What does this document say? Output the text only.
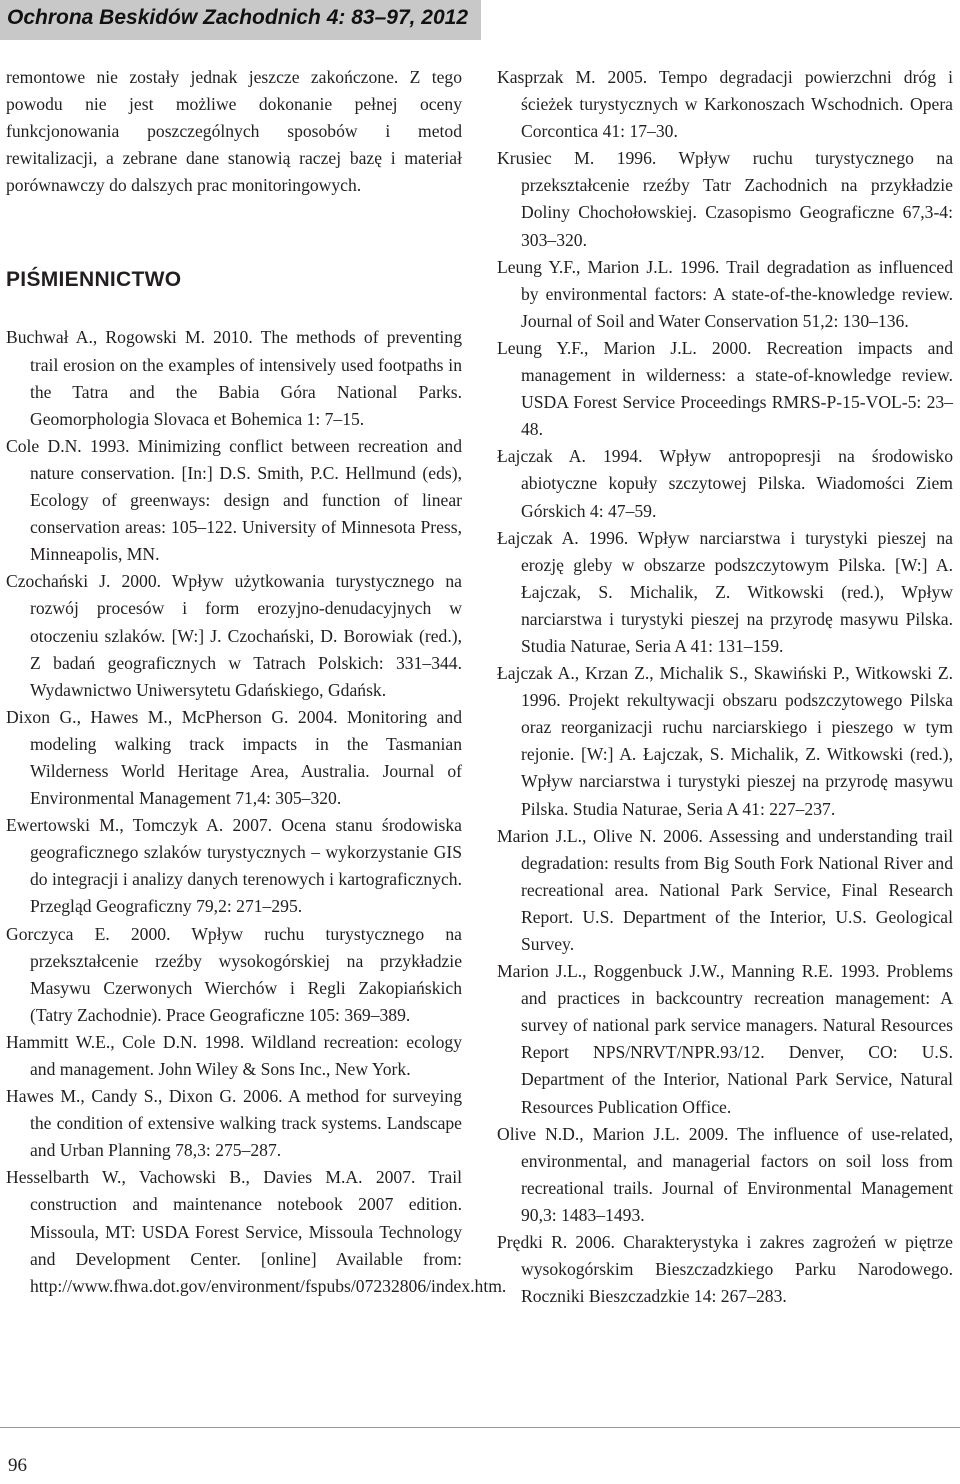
Ochrona Beskidów Zachodnich 4: 83–97, 2012

remontowe nie zostały jednak jeszcze zakończone. Z tego powodu nie jest możliwe dokonanie pełnej oceny funkcjonowania poszczególnych sposobów i metod rewitalizacji, a zebrane dane stanowią raczej bazę i materiał porównawczy do dalszych prac monitoringowych.

PIŚMIENNICTWO

Buchwał A., Rogowski M. 2010. The methods of preventing trail erosion on the examples of intensively used footpaths in the Tatra and the Babia Góra National Parks. Geomorphologia Slovaca et Bohemica 1: 7–15.

Cole D.N. 1993. Minimizing conflict between recreation and nature conservation. [In:] D.S. Smith, P.C. Hellmund (eds), Ecology of greenways: design and function of linear conservation areas: 105–122. University of Minnesota Press, Minneapolis, MN.

Czochański J. 2000. Wpływ użytkowania turystycznego na rozwój procesów i form erozyjno-denudacyjnych w otoczeniu szlaków. [W:] J. Czochański, D. Borowiak (red.), Z badań geograficznych w Tatrach Polskich: 331–344. Wydawnictwo Uniwersytetu Gdańskiego, Gdańsk.

Dixon G., Hawes M., McPherson G. 2004. Monitoring and modeling walking track impacts in the Tasmanian Wilderness World Heritage Area, Australia. Journal of Environmental Management 71,4: 305–320.

Ewertowski M., Tomczyk A. 2007. Ocena stanu środowiska geograficznego szlaków turystycznych – wykorzystanie GIS do integracji i analizy danych terenowych i kartograficznych. Przegląd Geograficzny 79,2: 271–295.

Gorczyca E. 2000. Wpływ ruchu turystycznego na przekształcenie rzeźby wysokogórskiej na przykładzie Masywu Czerwonych Wierchów i Regli Zakopiańskich (Tatry Zachodnie). Prace Geograficzne 105: 369–389.

Hammitt W.E., Cole D.N. 1998. Wildland recreation: ecology and management. John Wiley & Sons Inc., New York.

Hawes M., Candy S., Dixon G. 2006. A method for surveying the condition of extensive walking track systems. Landscape and Urban Planning 78,3: 275–287.

Hesselbarth W., Vachowski B., Davies M.A. 2007. Trail construction and maintenance notebook 2007 edition. Missoula, MT: USDA Forest Service, Missoula Technology and Development Center. [online] Available from: http://www.fhwa.dot.gov/environment/fspubs/07232806/index.htm.

Kasprzak M. 2005. Tempo degradacji powierzchni dróg i ścieżek turystycznych w Karkonoszach Wschodnich. Opera Corcontica 41: 17–30.

Krusiec M. 1996. Wpływ ruchu turystycznego na przekształcenie rzeźby Tatr Zachodnich na przykładzie Doliny Chochołowskiej. Czasopismo Geograficzne 67,3-4: 303–320.

Leung Y.F., Marion J.L. 1996. Trail degradation as influenced by environmental factors: A state-of-the-knowledge review. Journal of Soil and Water Conservation 51,2: 130–136.

Leung Y.F., Marion J.L. 2000. Recreation impacts and management in wilderness: a state-of-knowledge review. USDA Forest Service Proceedings RMRS-P-15-VOL-5: 23–48.

Łajczak A. 1994. Wpływ antropopresji na środowisko abiotyczne kopuły szczytowej Pilska. Wiadomości Ziem Górskich 4: 47–59.

Łajczak A. 1996. Wpływ narciarstwa i turystyki pieszej na erozję gleby w obszarze podszczytowym Pilska. [W:] A. Łajczak, S. Michalik, Z. Witkowski (red.), Wpływ narciarstwa i turystyki pieszej na przyrodę masywu Pilska. Studia Naturae, Seria A 41: 131–159.

Łajczak A., Krzan Z., Michalik S., Skawiński P., Witkowski Z. 1996. Projekt rekultywacji obszaru podszczytowego Pilska oraz reorganizacji ruchu narciarskiego i pieszego w tym rejonie. [W:] A. Łajczak, S. Michalik, Z. Witkowski (red.), Wpływ narciarstwa i turystyki pieszej na przyrodę masywu Pilska. Studia Naturae, Seria A 41: 227–237.

Marion J.L., Olive N. 2006. Assessing and understanding trail degradation: results from Big South Fork National River and recreational area. National Park Service, Final Research Report. U.S. Department of the Interior, U.S. Geological Survey.

Marion J.L., Roggenbuck J.W., Manning R.E. 1993. Problems and practices in backcountry recreation management: A survey of national park service managers. Natural Resources Report NPS/NRVT/NPR.93/12. Denver, CO: U.S. Department of the Interior, National Park Service, Natural Resources Publication Office.

Olive N.D., Marion J.L. 2009. The influence of use-related, environmental, and managerial factors on soil loss from recreational trails. Journal of Environmental Management 90,3: 1483–1493.

Prędki R. 2006. Charakterystyka i zakres zagrożeń w piętrze wysokogórskim Bieszczadzkiego Parku Narodowego. Roczniki Bieszczadzkie 14: 267–283.

96
